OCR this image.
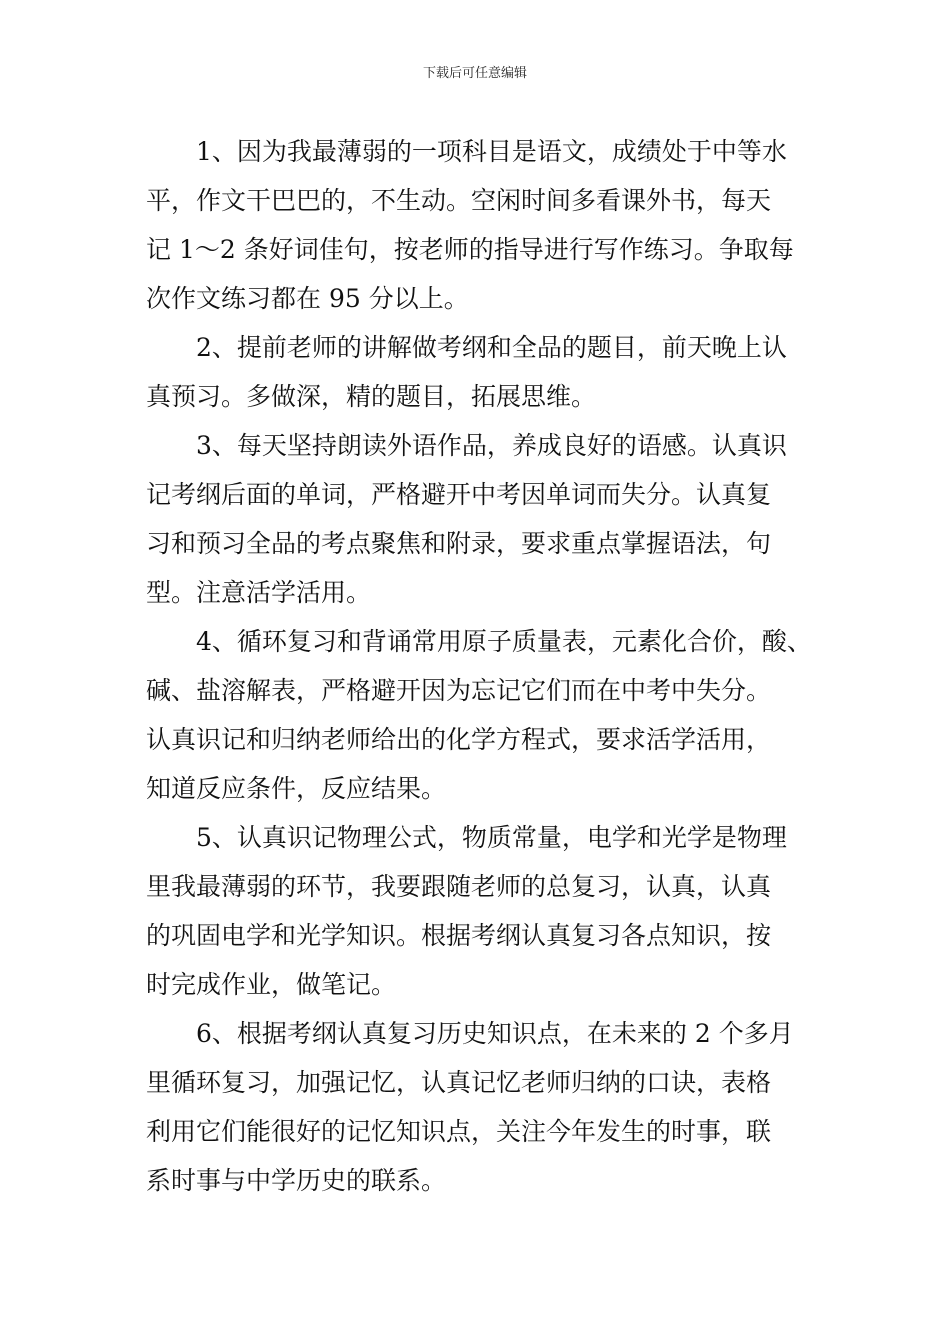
下载后可任意编辑

1、因为我最薄弱的一项科目是语文，成绩处于中等水
平，作文干巴巴的，不生动。空闲时间多看课外书，每天
记 1～2 条好词佳句，按老师的指导进行写作练习。争取每
次作文练习都在 95 分以上。

2、提前老师的讲解做考纲和全品的题目，前天晚上认
真预习。多做深，精的题目，拓展思维。

3、每天坚持朗读外语作品，养成良好的语感。认真识
记考纲后面的单词，严格避开中考因单词而失分。认真复
习和预习全品的考点聚焦和附录，要求重点掌握语法，句
型。注意活学活用。

4、循环复习和背诵常用原子质量表，元素化合价，酸、
碱、盐溶解表，严格避开因为忘记它们而在中考中失分。
认真识记和归纳老师给出的化学方程式，要求活学活用，
知道反应条件，反应结果。

5、认真识记物理公式，物质常量，电学和光学是物理
里我最薄弱的环节，我要跟随老师的总复习，认真，认真
的巩固电学和光学知识。根据考纲认真复习各点知识，按
时完成作业，做笔记。

6、根据考纲认真复习历史知识点，在未来的 2 个多月
里循环复习，加强记忆，认真记忆老师归纳的口诀，表格
利用它们能很好的记忆知识点，关注今年发生的时事，联
系时事与中学历史的联系。
